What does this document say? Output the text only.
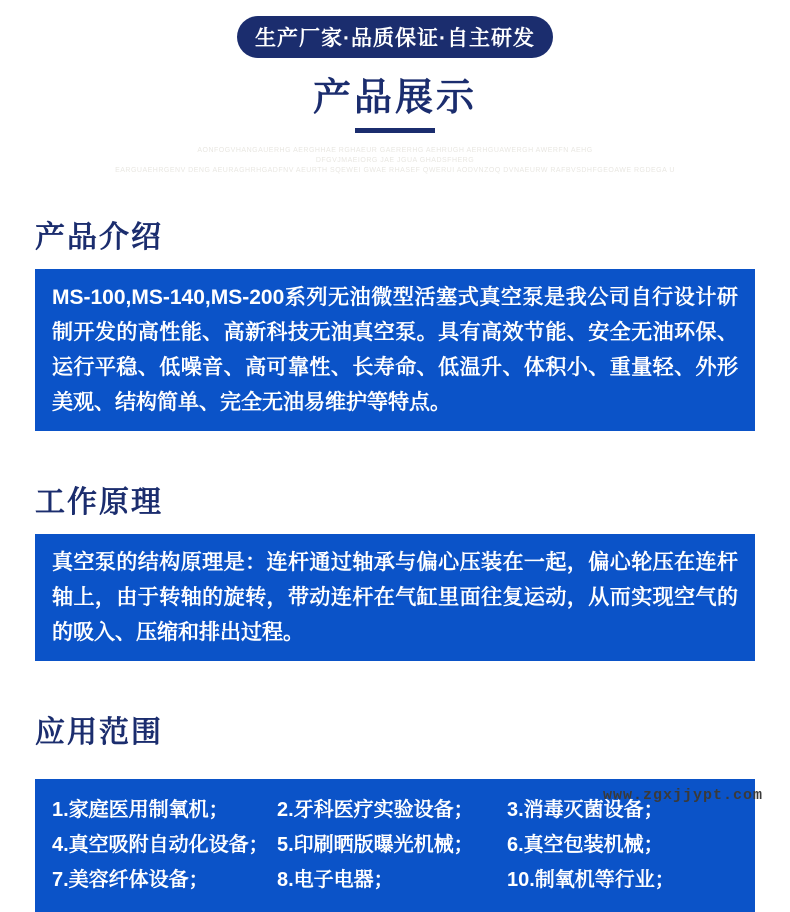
生产厂家·品质保证·自主研发
产品展示
AONFOGVHANGAUERHG AERGHHAE RGHAEUR GAERERHG AEHRUGH AERHGUAWERGH AWERFN AEHG
DFGVJMAEIORG JAE JGUA GHADSFHERG
EARGUAEHRGENV DENG AEURAGHRHGADFNV AEURTH SQEWEI GWAE RHASEF QWERUI AODVNZOQ DVNAEURW RAFBVSDHFGEOAWE RGDEGA U
产品介绍

MS-100,MS-140,MS-200系列无油微型活塞式真空泵是我公司自行设计研制开发的高性能、高新科技无油真空泵。具有高效节能、安全无油环保、运行平稳、低噪音、高可靠性、长寿命、低温升、体积小、重量轻、外形美观、结构简单、完全无油易维护等特点。

工作原理

真空泵的结构原理是：连杆通过轴承与偏心压装在一起，偏心轮压在连杆轴上，由于转轴的旋转，带动连杆在气缸里面往复运动，从而实现空气的的吸入、压缩和排出过程。

应用范围
1.家庭医用制氧机；	2.牙科医疗实验设备；	3.消毒灭菌设备；
4.真空吸附自动化设备； 5.印刷晒版曝光机械；	6.真空包装机械；
7.美容纤体设备；	8.电子电器；	10.制氧机等行业；
www.zgxjjypt.com
